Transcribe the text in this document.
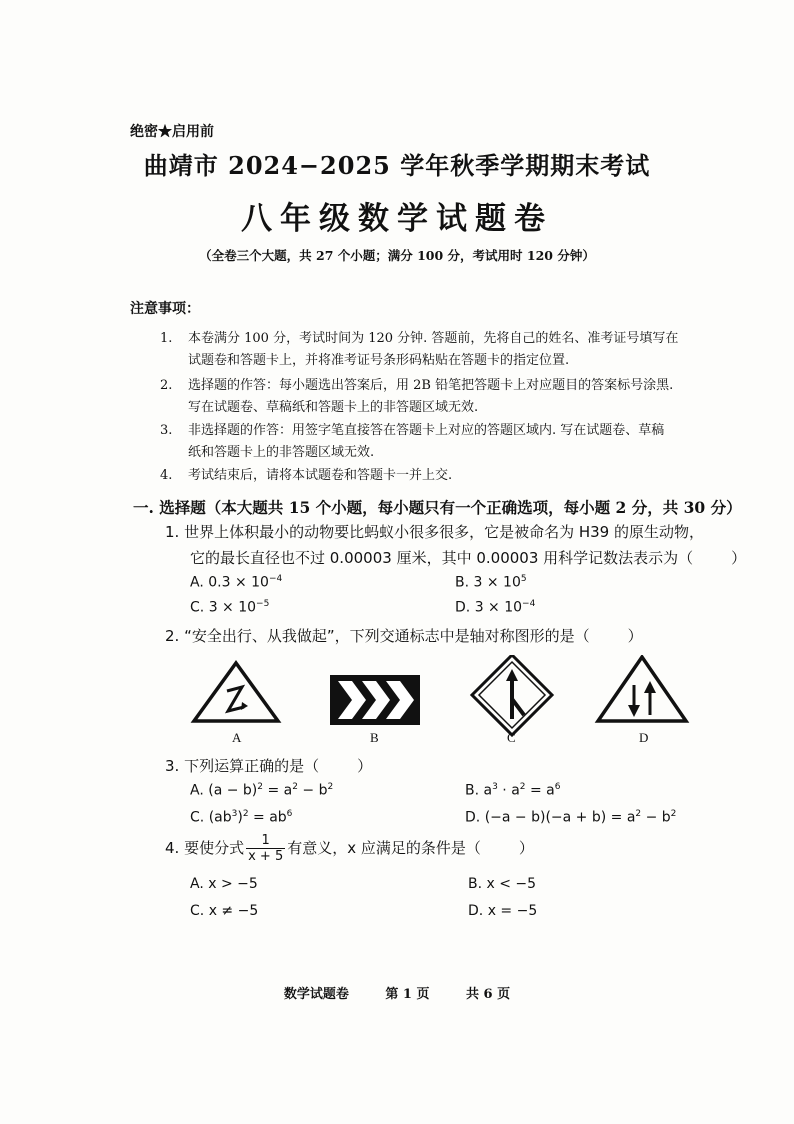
绝密★启用前
曲靖市 2024−2025 学年秋季学期期末考试
八年级数学试题卷
（全卷三个大题，共 27 个小题；满分 100 分，考试用时 120 分钟）
注意事项：
1. 本卷满分 100 分，考试时间为 120 分钟. 答题前，先将自己的姓名、准考证号填写在
试题卷和答题卡上，并将准考证号条形码粘贴在答题卡的指定位置.
2. 选择题的作答：每小题选出答案后，用 2B 铅笔把答题卡上对应题目的答案标号涂黑.
写在试题卷、草稿纸和答题卡上的非答题区域无效.
3. 非选择题的作答：用签字笔直接答在答题卡上对应的答题区域内. 写在试题卷、草稿
纸和答题卡上的非答题区域无效.
4. 考试结束后，请将本试题卷和答题卡一并上交.
一. 选择题（本大题共 15 个小题，每小题只有一个正确选项，每小题 2 分，共 30 分）
1. 世界上体积最小的动物要比蚂蚁小很多很多，它是被命名为 H39 的原生动物，
它的最长直径也不过 0.00003 厘米，其中 0.00003 用科学记数法表示为（	）
A. $0.3 \times 10^{-4}$	B. $3 \times 10^5$
C. $3 \times 10^{-5}$	D. $3 \times 10^{-4}$
2. “安全出行、从我做起”，下列交通标志中是轴对称图形的是（	）
A	B	C	D
3. 下列运算正确的是（	）
A. $(a - b)^2 = a^2 - b^2$	B. $a^3 \cdot a^2 = a^6$
C. $(ab^3)^2 = ab^6$	D. $(-a - b)(-a + b) = a^2 - b^2$
4. 要使分式 $\frac{1}{x + 5}$ 有意义，x 应满足的条件是（	）
A. x > −5	B. x < −5
C. x ≠ −5	D. x = −5
数学试题卷	第 1 页	共 6 页
